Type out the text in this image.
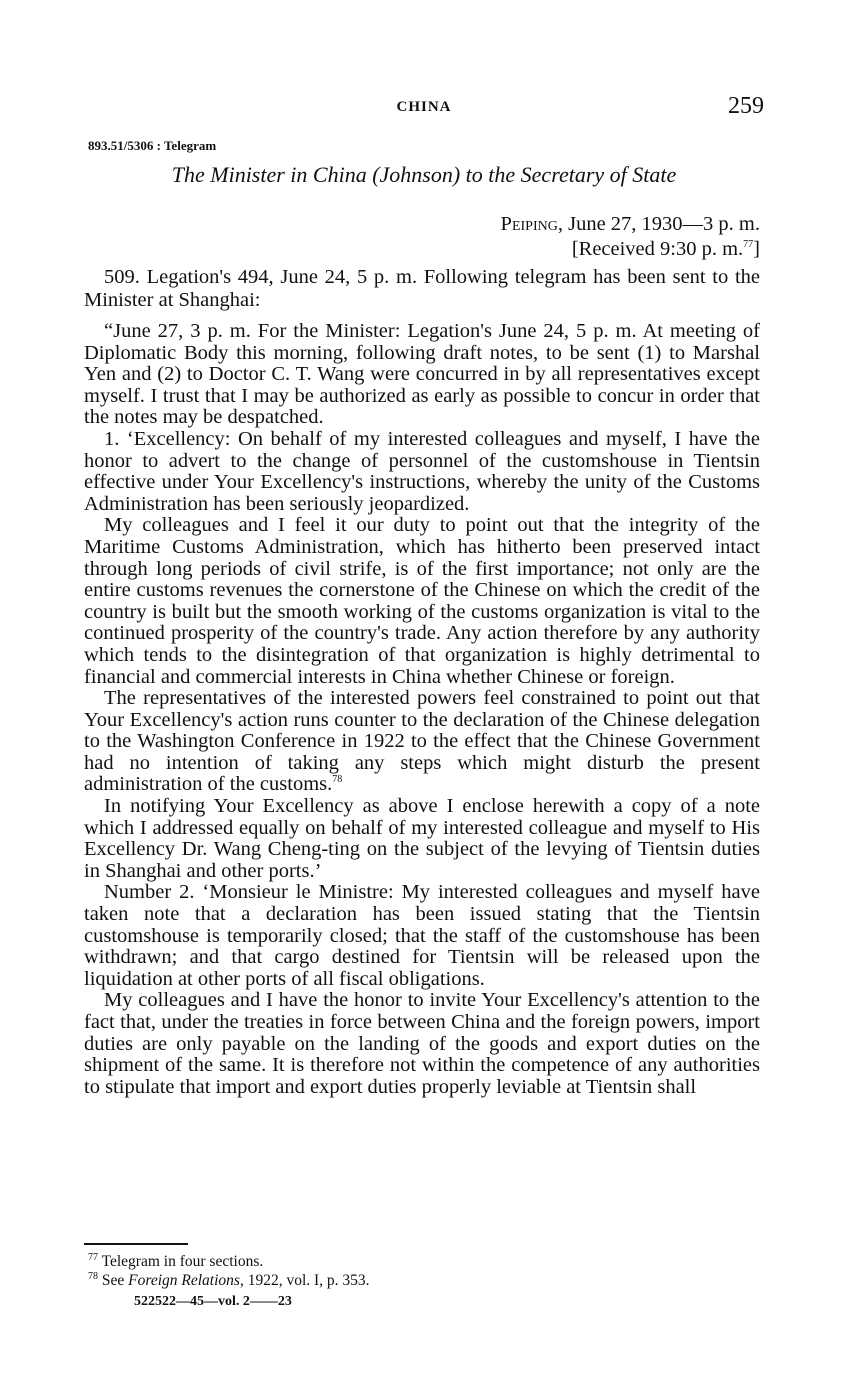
CHINA	259
893.51/5306 : Telegram
The Minister in China (Johnson) to the Secretary of State
Peiping, June 27, 1930—3 p. m.
[Received 9:30 p. m.$^{77}$]

509. Legation's 494, June 24, 5 p. m. Following telegram has been sent to the Minister at Shanghai:

“June 27, 3 p. m. For the Minister: Legation's June 24, 5 p. m. At meeting of Diplomatic Body this morning, following draft notes, to be sent (1) to Marshal Yen and (2) to Doctor C. T. Wang were concurred in by all representatives except myself. I trust that I may be authorized as early as possible to concur in order that the notes may be despatched.

1. ‘Excellency: On behalf of my interested colleagues and myself, I have the honor to advert to the change of personnel of the customshouse in Tientsin effective under Your Excellency's instructions, whereby the unity of the Customs Administration has been seriously jeopardized.

My colleagues and I feel it our duty to point out that the integrity of the Maritime Customs Administration, which has hitherto been preserved intact through long periods of civil strife, is of the first importance; not only are the entire customs revenues the cornerstone of the Chinese on which the credit of the country is built but the smooth working of the customs organization is vital to the continued prosperity of the country's trade. Any action therefore by any authority which tends to the disintegration of that organization is highly detrimental to financial and commercial interests in China whether Chinese or foreign.

The representatives of the interested powers feel constrained to point out that Your Excellency's action runs counter to the declaration of the Chinese delegation to the Washington Conference in 1922 to the effect that the Chinese Government had no intention of taking any steps which might disturb the present administration of the customs.$^{78}$

In notifying Your Excellency as above I enclose herewith a copy of a note which I addressed equally on behalf of my interested colleague and myself to His Excellency Dr. Wang Cheng-ting on the subject of the levying of Tientsin duties in Shanghai and other ports.’

Number 2. ‘Monsieur le Ministre: My interested colleagues and myself have taken note that a declaration has been issued stating that the Tientsin customshouse is temporarily closed; that the staff of the customshouse has been withdrawn; and that cargo destined for Tientsin will be released upon the liquidation at other ports of all fiscal obligations.

My colleagues and I have the honor to invite Your Excellency's attention to the fact that, under the treaties in force between China and the foreign powers, import duties are only payable on the landing of the goods and export duties on the shipment of the same. It is therefore not within the competence of any authorities to stipulate that import and export duties properly leviable at Tientsin shall

$^{77}$ Telegram in four sections.
$^{78}$ See Foreign Relations, 1922, vol. I, p. 353.
522522—45—vol. 2——23
